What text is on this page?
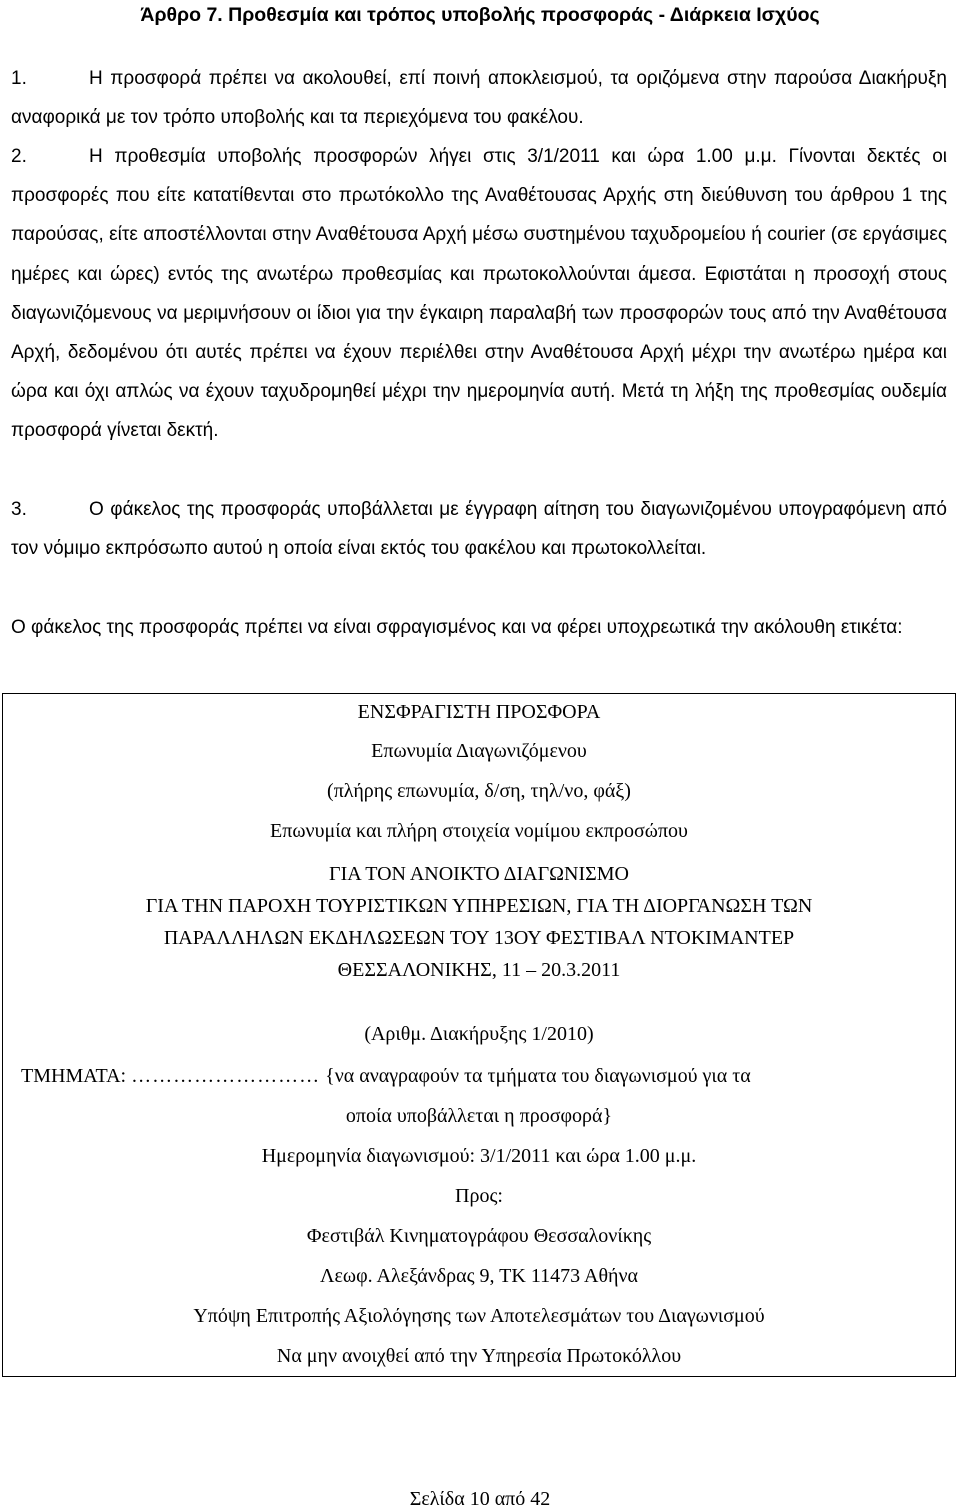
Άρθρο 7. Προθεσμία και τρόπος υποβολής προσφοράς - Διάρκεια Ισχύος

1.	Η προσφορά πρέπει να ακολουθεί, επί ποινή αποκλεισμού, τα οριζόμενα στην παρούσα Διακήρυξη αναφορικά με τον τρόπο υποβολής και τα περιεχόμενα του φακέλου.

2.	Η προθεσμία υποβολής προσφορών λήγει στις 3/1/2011 και ώρα 1.00 μ.μ. Γίνονται δεκτές οι προσφορές που είτε κατατίθενται στο πρωτόκολλο της Αναθέτουσας Αρχής στη διεύθυνση του άρθρου 1 της παρούσας, είτε αποστέλλονται στην Αναθέτουσα Αρχή μέσω συστημένου ταχυδρομείου ή courier (σε εργάσιμες ημέρες και ώρες) εντός της ανωτέρω προθεσμίας και πρωτοκολλούνται άμεσα. Εφιστάται η προσοχή στους διαγωνιζόμενους να μεριμνήσουν οι ίδιοι για την έγκαιρη παραλαβή των προσφορών τους από την Αναθέτουσα Αρχή, δεδομένου ότι αυτές πρέπει να έχουν περιέλθει στην Αναθέτουσα Αρχή μέχρι την ανωτέρω ημέρα και ώρα και όχι απλώς να έχουν ταχυδρομηθεί μέχρι την ημερομηνία αυτή. Μετά τη λήξη της προθεσμίας ουδεμία προσφορά γίνεται δεκτή.

3.	Ο φάκελος της προσφοράς υποβάλλεται με έγγραφη αίτηση του διαγωνιζομένου υπογραφόμενη από τον νόμιμο εκπρόσωπο αυτού η οποία είναι εκτός του φακέλου και πρωτοκολλείται.

Ο φάκελος της προσφοράς πρέπει να είναι σφραγισμένος και να φέρει υποχρεωτικά την ακόλουθη ετικέτα:

ΕΝΣΦΡΑΓΙΣΤΗ ΠΡΟΣΦΟΡΑ
Επωνυμία Διαγωνιζόμενου
(πλήρης επωνυμία, δ/ση, τηλ/νο, φάξ)
Επωνυμία και πλήρη στοιχεία νομίμου εκπροσώπου
ΓΙΑ ΤΟΝ ΑΝΟΙΚΤΟ ΔΙΑΓΩΝΙΣΜΟ
ΓΙΑ ΤΗΝ ΠΑΡΟΧΗ ΤΟΥΡΙΣΤΙΚΩΝ ΥΠΗΡΕΣΙΩΝ, ΓΙΑ ΤΗ ΔΙΟΡΓΑΝΩΣΗ ΤΩΝ
ΠΑΡΑΛΛΗΛΩΝ ΕΚΔΗΛΩΣΕΩΝ ΤΟΥ 13ΟΥ ΦΕΣΤΙΒΑΛ ΝΤΟΚΙΜΑΝΤΕΡ
ΘΕΣΣΑΛΟΝΙΚΗΣ, 11 – 20.3.2011
(Αριθμ. Διακήρυξης 1/2010)
ΤΜΗΜΑΤΑ: ……………………… {να αναγραφούν τα τμήματα του διαγωνισμού για τα
οποία υποβάλλεται η προσφορά}
Ημερομηνία διαγωνισμού: 3/1/2011 και ώρα 1.00 μ.μ.
Προς:
Φεστιβάλ Κινηματογράφου Θεσσαλονίκης
Λεωφ. Αλεξάνδρας 9, ΤΚ 11473 Αθήνα
Υπόψη Επιτροπής Αξιολόγησης των Αποτελεσμάτων του Διαγωνισμού
Να μην ανοιχθεί από την Υπηρεσία Πρωτοκόλλου
Σελίδα 10 από 42
